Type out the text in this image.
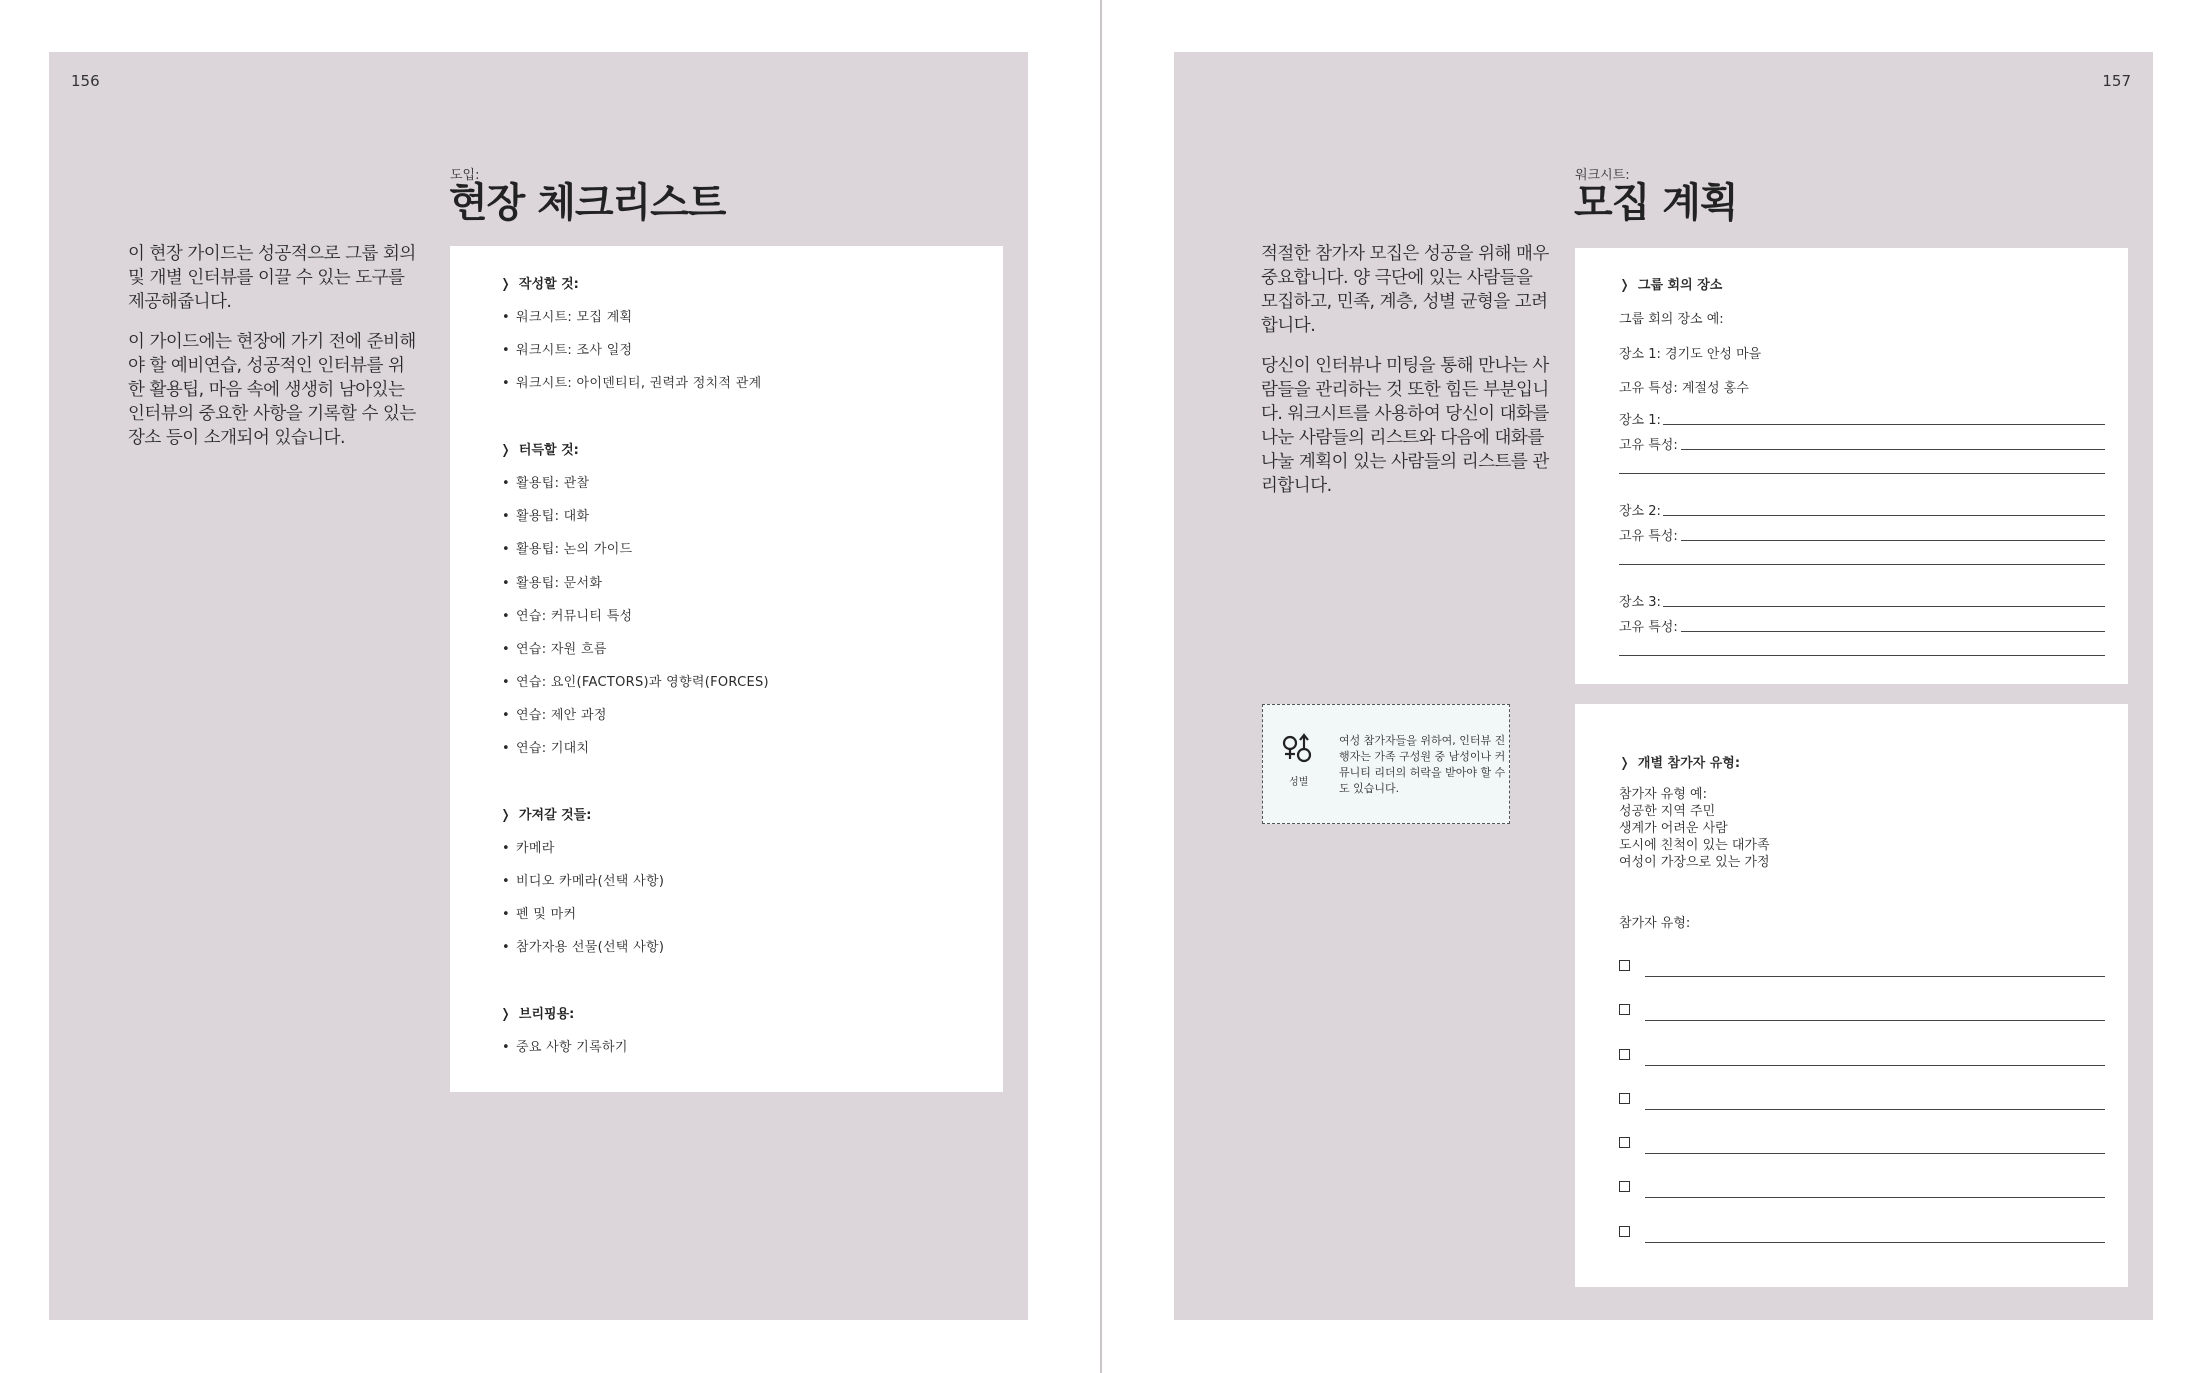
156
도입:
현장 체크리스트

이 현장 가이드는 성공적으로 그룹 회의 및 개별 인터뷰를 이끌 수 있는 도구를 제공해줍니다.

이 가이드에는 현장에 가기 전에 준비해야 할 예비연습, 성공적인 인터뷰를 위한 활용팁, 마음 속에 생생히 남아있는 인터뷰의 중요한 사항을 기록할 수 있는 장소 등이 소개되어 있습니다.

❭ 작성할 것:
• 워크시트: 모집 계획
• 워크시트: 조사 일정
• 워크시트: 아이덴티티, 권력과 정치적 관계
❭ 터득할 것:
• 활용팁: 관찰
• 활용팁: 대화
• 활용팁: 논의 가이드
• 활용팁: 문서화
• 연습: 커뮤니티 특성
• 연습: 자원 흐름
• 연습: 요인(FACTORS)과 영향력(FORCES)
• 연습: 제안 과정
• 연습: 기대치
❭ 가져갈 것들:
• 카메라
• 비디오 카메라(선택 사항)
• 펜 및 마커
• 참가자용 선물(선택 사항)
❭ 브리핑용:
• 중요 사항 기록하기
157
워크시트:
모집 계획

적절한 참가자 모집은 성공을 위해 매우 중요합니다. 양 극단에 있는 사람들을 모집하고, 민족, 계층, 성별 균형을 고려합니다.

당신이 인터뷰나 미팅을 통해 만나는 사람들을 관리하는 것 또한 힘든 부분입니다. 워크시트를 사용하여 당신이 대화를 나눈 사람들의 리스트와 다음에 대화를 나눌 계획이 있는 사람들의 리스트를 관리합니다.

성별
여성 참가자들을 위하여, 인터뷰 진행자는 가족 구성원 중 남성이나 커뮤니티 리더의 허락을 받아야 할 수도 있습니다.
❭ 그룹 회의 장소
그룹 회의 장소 예:
장소 1: 경기도 안성 마을
고유 특성: 계절성 홍수
장소 1:
고유 특성:
장소 2:
고유 특성:
장소 3:
고유 특성:
❭ 개별 참가자 유형:
참가자 유형 예:
성공한 지역 주민
생계가 어려운 사람
도시에 친척이 있는 대가족
여성이 가장으로 있는 가정
참가자 유형:
